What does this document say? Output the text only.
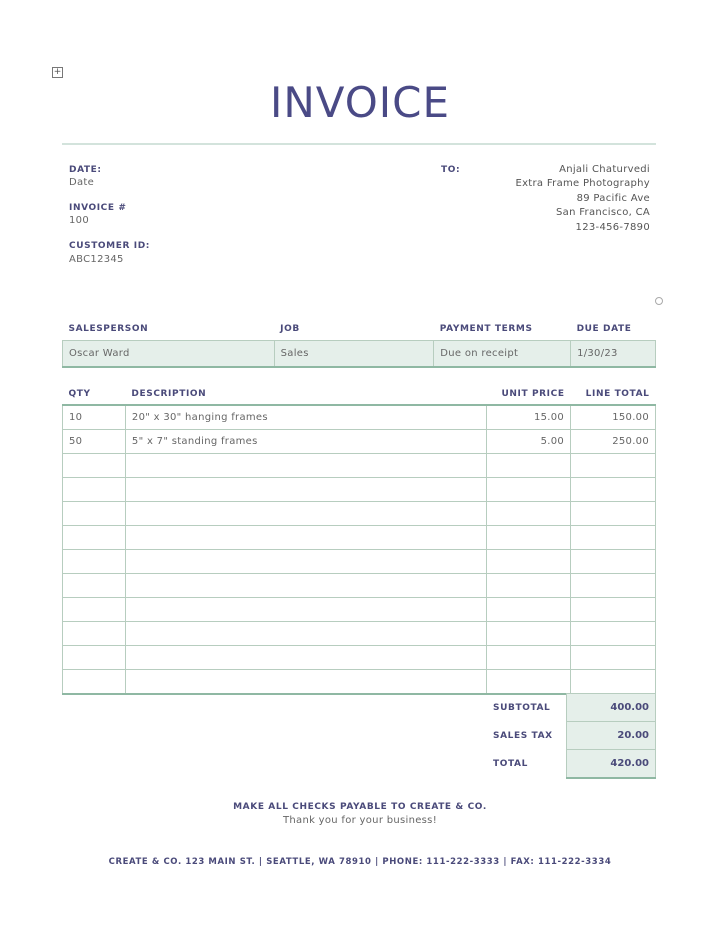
+
INVOICE
DATE:
Date
INVOICE #
100
CUSTOMER ID:
ABC12345
TO:	Anjali Chaturvedi
Extra Frame Photography
89 Pacific Ave
San Francisco, CA
123-456-7890
SALESPERSON	JOB	PAYMENT TERMS	DUE DATE
Oscar Ward	Sales	Due on receipt	1/30/23
QTY	DESCRIPTION	UNIT PRICE	LINE TOTAL
10	20" x 30" hanging frames	15.00	150.00
50	5" x 7" standing frames	5.00	250.00

SUBTOTAL	400.00
SALES TAX	20.00
TOTAL	420.00
MAKE ALL CHECKS PAYABLE TO CREATE & CO.
Thank you for your business!
CREATE & CO. 123 MAIN ST. | SEATTLE, WA 78910 | PHONE: 111-222-3333 | FAX: 111-222-3334
